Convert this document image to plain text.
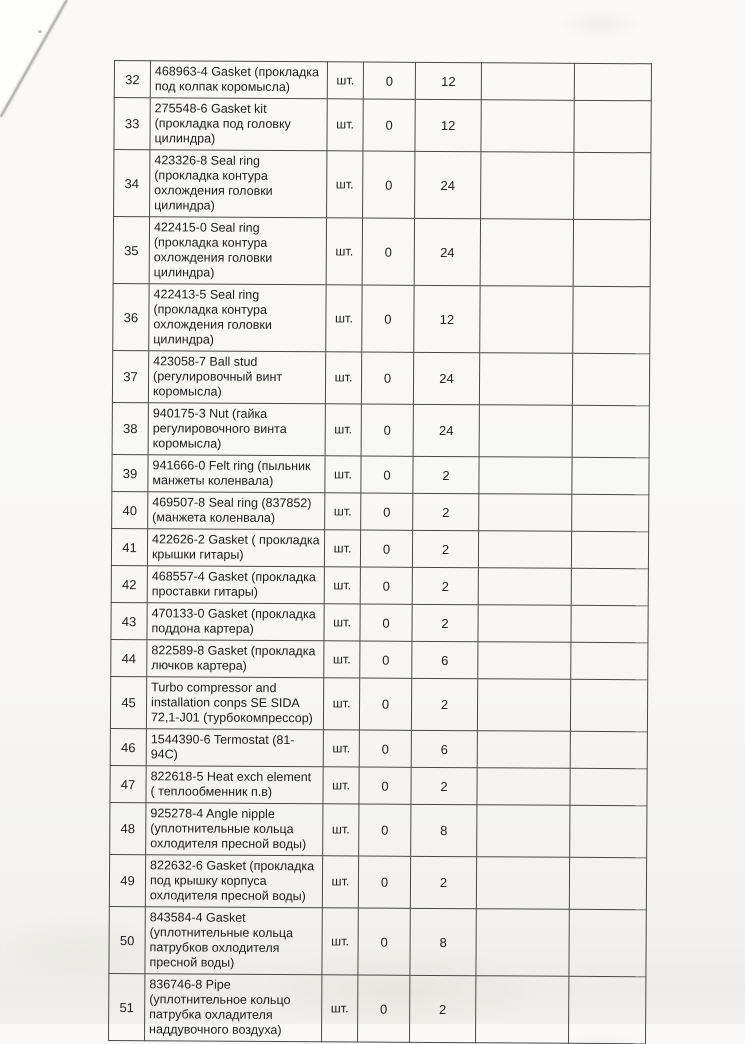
32	468963-4 Gasket (прокладка под колпак коромысла)	шт.	0	12		
33	275548-6 Gasket kit (прокладка под головку цилиндра)	шт.	0	12		
34	423326-8 Seal ring (прокладка контура охлождения головки цилиндра)	шт.	0	24		
35	422415-0 Seal ring (прокладка контура охлождения головки цилиндра)	шт.	0	24		
36	422413-5 Seal ring (прокладка контура охлождения головки цилиндра)	шт.	0	12		
37	423058-7 Ball stud (регулировочный винт коромысла)	шт.	0	24		
38	940175-3 Nut (гайка регулировочного винта коромысла)	шт.	0	24		
39	941666-0 Felt ring (пыльник манжеты коленвала)	шт.	0	2		
40	469507-8 Seal ring (837852) (манжета коленвала)	шт.	0	2		
41	422626-2 Gasket ( прокладка крышки гитары)	шт.	0	2		
42	468557-4 Gasket (прокладка проставки гитары)	шт.	0	2		
43	470133-0 Gasket (прокладка поддона картера)	шт.	0	2		
44	822589-8 Gasket (прокладка лючков картера)	шт.	0	6		
45	Turbo compressor and installation conps SE SIDA 72,1-J01 (турбокомпрессор)	шт.	0	2		
46	1544390-6 Termostat (81-94C)	шт.	0	6		
47	822618-5 Heat exch element ( теплообменник п.в)	шт.	0	2		
48	925278-4 Angle nipple (уплотнительные кольца охлодителя пресной воды)	шт.	0	8		
49	822632-6 Gasket (прокладка под крышку корпуса охлодителя пресной воды)	шт.	0	2		
50	843584-4 Gasket (уплотнительные кольца патрубков охлодителя пресной воды)	шт.	0	8		
51	836746-8 Pipe (уплотнительное кольцо патрубка охладителя наддувочного воздуха)	шт.	0	2		
